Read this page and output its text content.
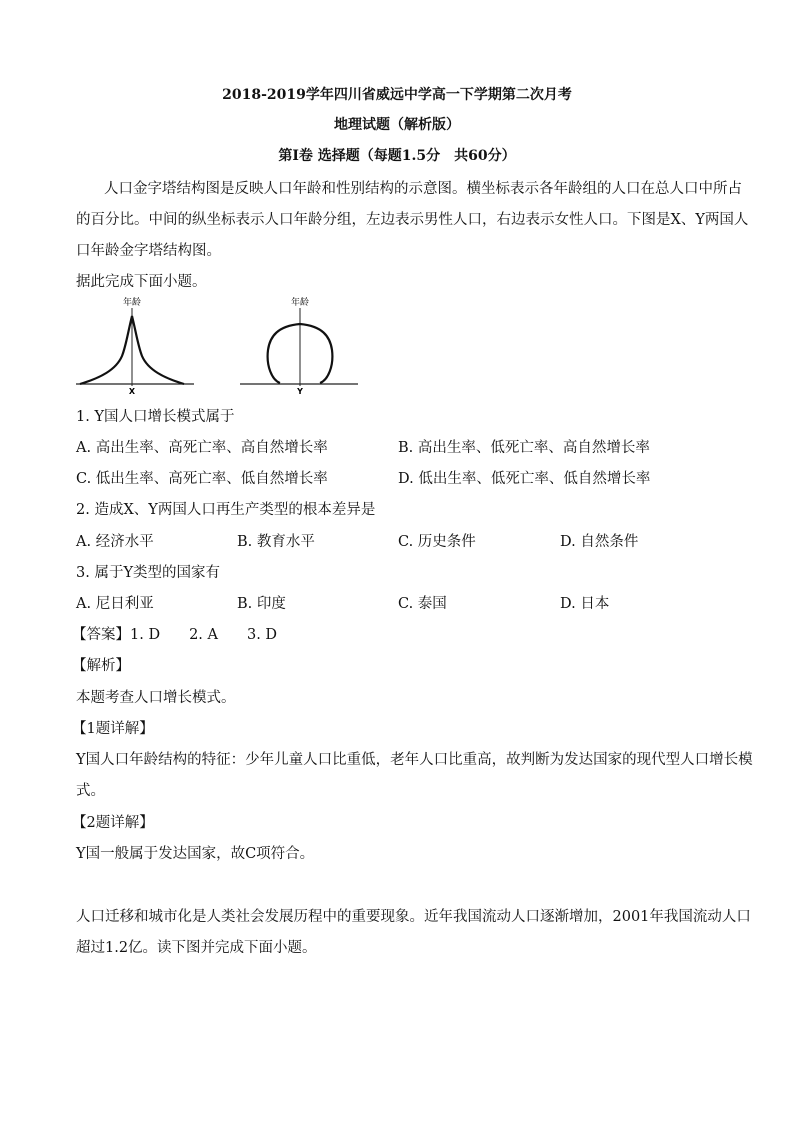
2018-2019学年四川省威远中学高一下学期第二次月考
地理试题（解析版）
第Ⅰ卷 选择题（每题1.5分　共60分）
人口金字塔结构图是反映人口年龄和性别结构的示意图。横坐标表示各年龄组的人口在总人口中所占
的百分比。中间的纵坐标表示人口年龄分组，左边表示男性人口，右边表示女性人口。下图是X、Y两国人
口年龄金字塔结构图。
据此完成下面小题。
年龄
X
年龄
Y
1. Y国人口增长模式属于
A. 高出生率、高死亡率、高自然增长率	B. 高出生率、低死亡率、高自然增长率
C. 低出生率、高死亡率、低自然增长率	D. 低出生率、低死亡率、低自然增长率
2. 造成X、Y两国人口再生产类型的根本差异是
A. 经济水平	B. 教育水平	C. 历史条件	D. 自然条件
3. 属于Y类型的国家有
A. 尼日利亚	B. 印度	C. 泰国	D. 日本
【答案】1. D　　2. A　　3. D
【解析】
本题考查人口增长模式。
【1题详解】
Y国人口年龄结构的特征：少年儿童人口比重低，老年人口比重高，故判断为发达国家的现代型人口增长模
式。
【2题详解】
Y国一般属于发达国家，故C项符合。
人口迁移和城市化是人类社会发展历程中的重要现象。近年我国流动人口逐渐增加，2001年我国流动人口
超过1.2亿。读下图并完成下面小题。
